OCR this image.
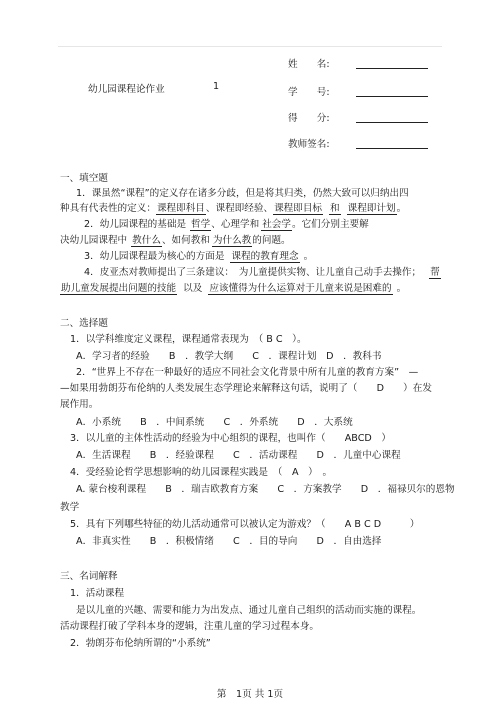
幼儿园课程论作业	1
姓　　名:
学　　号:
得　　分:
教师签名:
一、填空题
1．课虽然“课程”的定义存在诸多分歧，但是将其归类，仍然大致可以归纳出四
种具有代表性的定义：课程即科目、课程即经验、课程即目标 和 课程即计划。
2．幼儿园课程的基础是 哲学、心理学和 社会学。它们分别主要解
决幼儿园课程中 教什么、如何教和 为什么教的问题。
3．幼儿园课程最为核心的方面是 课程的教育理念 。
4．皮亚杰对教师提出了三条建议：　为儿童提供实物、让儿童自己动手去操作； 帮
助儿童发展提出问题的技能 以及 应该懂得为什么运算对于儿童来说是困难的 。
二、选择题
1．以学科维度定义课程，课程通常表现为　（ B C　）。
A．学习者的经验　　B　．教学大纲　　C　．课程计划　D　．教科书
2．“世界上不存在一种最好的适应不同社会文化背景中所有儿童的教育方案”　—
—如果用勃朗芬布伦纳的人类发展生态学理论来解释这句话，说明了（　　D　　）在发
展作用。
A．小系统　　B　．中间系统　　C　．外系统　　D　．大系统
3．以儿童的主体性活动的经验为中心组织的课程，也叫作（　　ABCD　）
A．生活课程　　B　．经验课程　　C　．活动课程　　D　．儿童中心课程
4．受经验论哲学思想影响的幼儿园课程实践是　（　A　）　。
A. 蒙台梭利课程　　B　．瑞吉欧教育方案　　C　．方案教学　　D　．福禄贝尔的恩物
教学
5．具有下列哪些特征的幼儿活动通常可以被认定为游戏？（　　A B C D　　　）
A．非真实性　　B　．积极情绪　　C　．目的导向　　D　．自由选择
三、名词解释
1．活动课程
是以儿童的兴趣、需要和能力为出发点、通过儿童自己组织的活动而实施的课程。
活动课程打破了学科本身的逻辑，注重儿童的学习过程本身。
2．勃朗芬布伦纳所谓的“小系统”
第　1页 共 1页
